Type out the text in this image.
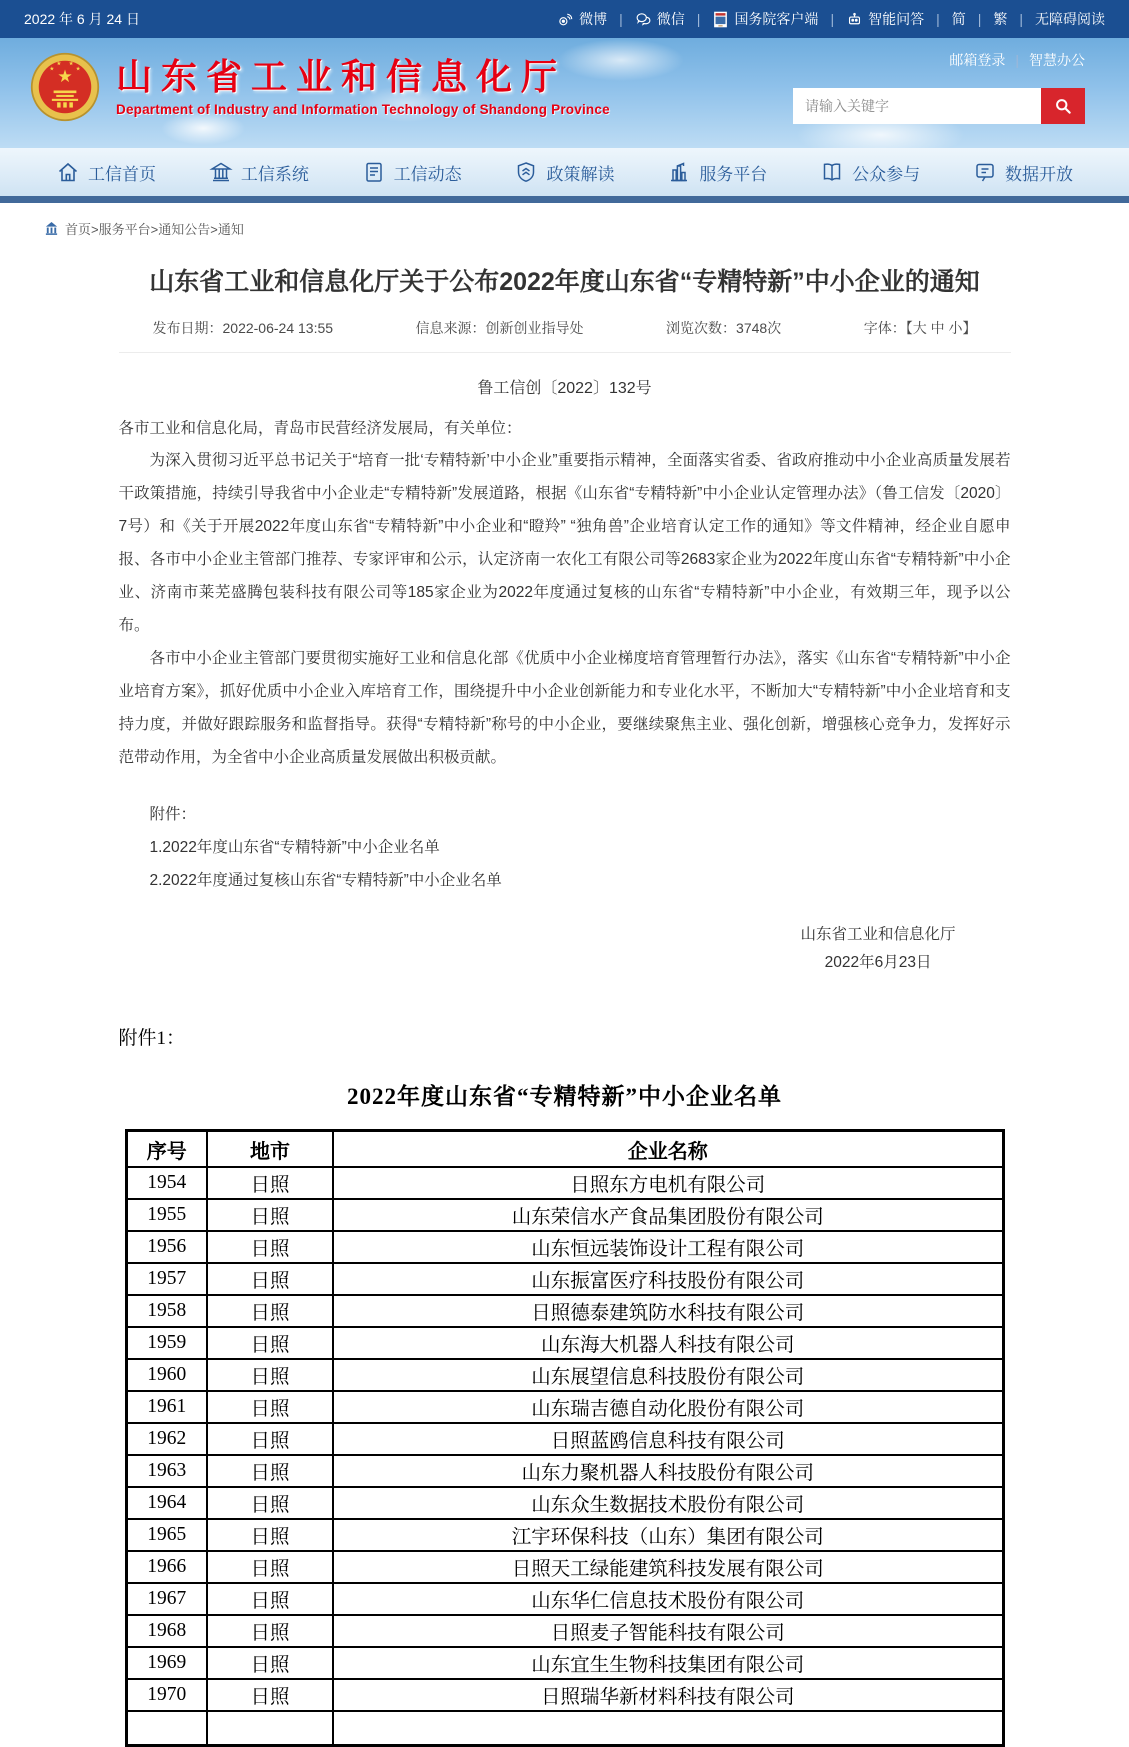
2022 年 6 月 24 日	微博 | 微信 | 国务院客户端 | 智能问答 | 简 | 繁 | 无障碍阅读
山东省工业和信息化厅
Department of Industry and Information Technology of Shandong Province
邮箱登录 | 智慧办公
请输入关键字
工信首页	工信系统	工信动态	政策解读	服务平台	公众参与	数据开放
首页>服务平台>通知公告>通知
山东省工业和信息化厅关于公布2022年度山东省“专精特新”中小企业的通知
发布日期：2022-06-24 13:55	信息来源：创新创业指导处	浏览次数：3748次	字体：【大 中 小】
鲁工信创〔2022〕132号
各市工业和信息化局，青岛市民营经济发展局，有关单位：

为深入贯彻习近平总书记关于“培育一批‘专精特新’中小企业”重要指示精神，全面落实省委、省政府推动中小企业高质量发展若干政策措施，持续引导我省中小企业走“专精特新”发展道路，根据《山东省“专精特新”中小企业认定管理办法》（鲁工信发〔2020〕7号）和《关于开展2022年度山东省“专精特新”中小企业和“瞪羚” “独角兽”企业培育认定工作的通知》等文件精神，经企业自愿申报、各市中小企业主管部门推荐、专家评审和公示，认定济南一农化工有限公司等2683家企业为2022年度山东省“专精特新”中小企业、济南市莱芜盛腾包装科技有限公司等185家企业为2022年度通过复核的山东省“专精特新”中小企业，有效期三年，现予以公布。

各市中小企业主管部门要贯彻实施好工业和信息化部《优质中小企业梯度培育管理暂行办法》，落实《山东省“专精特新”中小企业培育方案》，抓好优质中小企业入库培育工作，围绕提升中小企业创新能力和专业化水平，不断加大“专精特新”中小企业培育和支持力度，并做好跟踪服务和监督指导。获得“专精特新”称号的中小企业，要继续聚焦主业、强化创新，增强核心竞争力，发挥好示范带动作用，为全省中小企业高质量发展做出积极贡献。

附件：
1.2022年度山东省“专精特新”中小企业名单
2.2022年度通过复核山东省“专精特新”中小企业名单
山东省工业和信息化厅
2022年6月23日
附件1：
2022年度山东省“专精特新”中小企业名单
序号	地市	企业名称
1954	日照	日照东方电机有限公司
1955	日照	山东荣信水产食品集团股份有限公司
1956	日照	山东恒远装饰设计工程有限公司
1957	日照	山东振富医疗科技股份有限公司
1958	日照	日照德泰建筑防水科技有限公司
1959	日照	山东海大机器人科技有限公司
1960	日照	山东展望信息科技股份有限公司
1961	日照	山东瑞吉德自动化股份有限公司
1962	日照	日照蓝鸥信息科技有限公司
1963	日照	山东力聚机器人科技股份有限公司
1964	日照	山东众生数据技术股份有限公司
1965	日照	江宇环保科技（山东）集团有限公司
1966	日照	日照天工绿能建筑科技发展有限公司
1967	日照	山东华仁信息技术股份有限公司
1968	日照	日照麦子智能科技有限公司
1969	日照	山东宜生生物科技集团有限公司
1970	日照	日照瑞华新材料科技有限公司
